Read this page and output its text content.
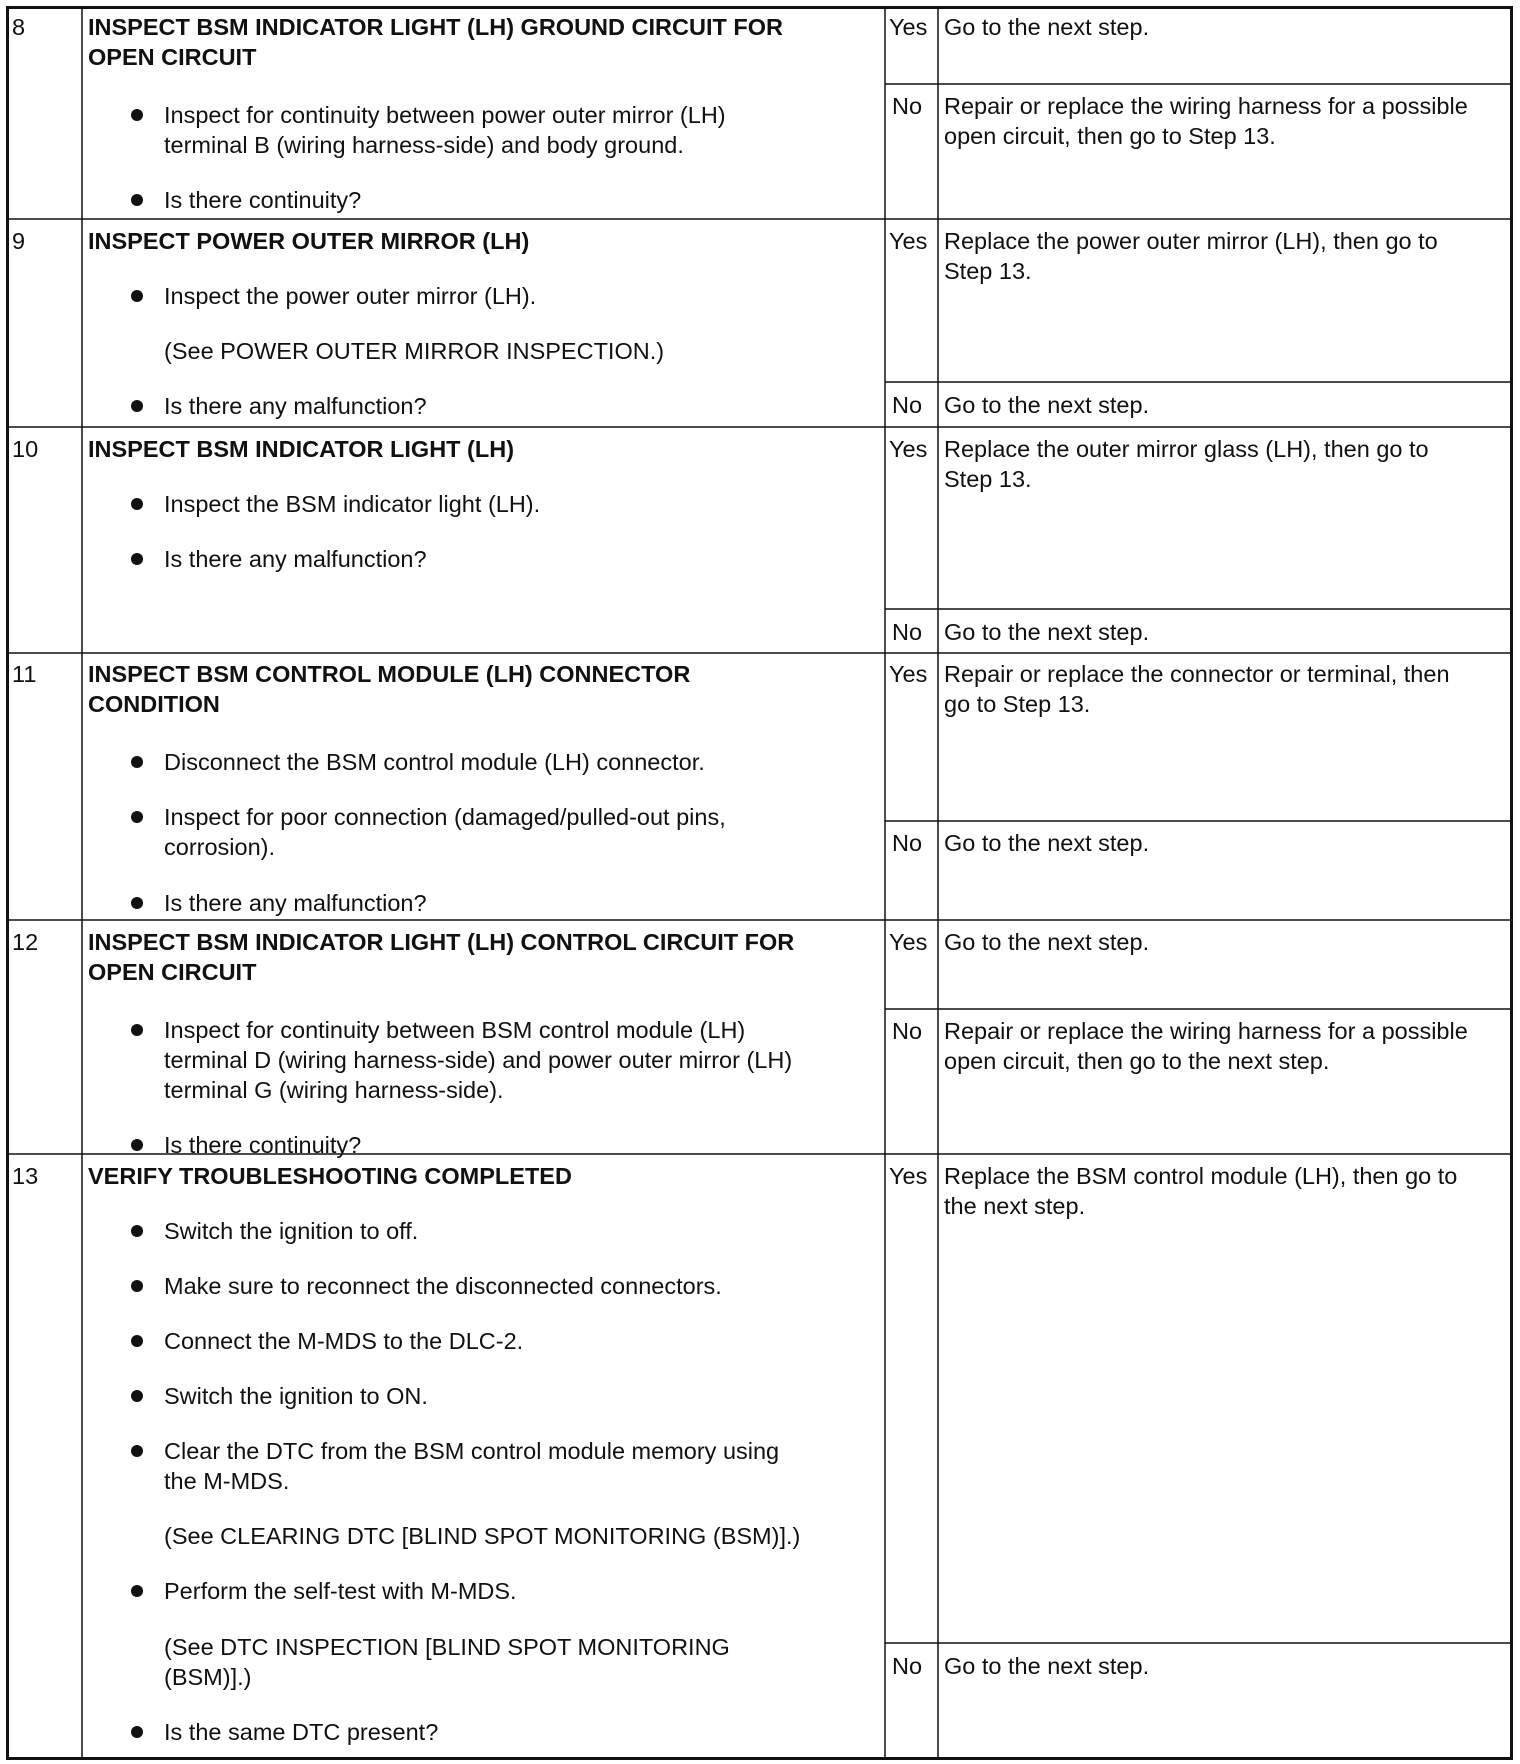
8	INSPECT BSM INDICATOR LIGHT (LH) GROUND CIRCUIT FOR
OPEN CIRCUIT
Inspect for continuity between power outer mirror (LH)
terminal B (wiring harness-side) and body ground.
Is there continuity?
Yes Go to the next step.
No Repair or replace the wiring harness for a possible
open circuit, then go to Step 13.
9	INSPECT POWER OUTER MIRROR (LH)
Inspect the power outer mirror (LH).
(See POWER OUTER MIRROR INSPECTION.)
Is there any malfunction?
Yes Replace the power outer mirror (LH), then go to
Step 13.
No Go to the next step.
10 INSPECT BSM INDICATOR LIGHT (LH)
Inspect the BSM indicator light (LH).
Is there any malfunction?
Yes Replace the outer mirror glass (LH), then go to
Step 13.
No Go to the next step.
11 INSPECT BSM CONTROL MODULE (LH) CONNECTOR
CONDITION
Disconnect the BSM control module (LH) connector.
Inspect for poor connection (damaged/pulled-out pins,
corrosion).
Is there any malfunction?
Yes Repair or replace the connector or terminal, then
go to Step 13.
No Go to the next step.
12 INSPECT BSM INDICATOR LIGHT (LH) CONTROL CIRCUIT FOR
OPEN CIRCUIT
Inspect for continuity between BSM control module (LH)
terminal D (wiring harness-side) and power outer mirror (LH)
terminal G (wiring harness-side).
Is there continuity?
Yes Go to the next step.
No Repair or replace the wiring harness for a possible
open circuit, then go to the next step.
13 VERIFY TROUBLESHOOTING COMPLETED
Switch the ignition to off.
Make sure to reconnect the disconnected connectors.
Connect the M-MDS to the DLC-2.
Switch the ignition to ON.
Clear the DTC from the BSM control module memory using
the M-MDS.
(See CLEARING DTC [BLIND SPOT MONITORING (BSM)].)
Perform the self-test with M-MDS.
(See DTC INSPECTION [BLIND SPOT MONITORING
(BSM)].)
Is the same DTC present?
Yes Replace the BSM control module (LH), then go to
the next step.
No Go to the next step.
